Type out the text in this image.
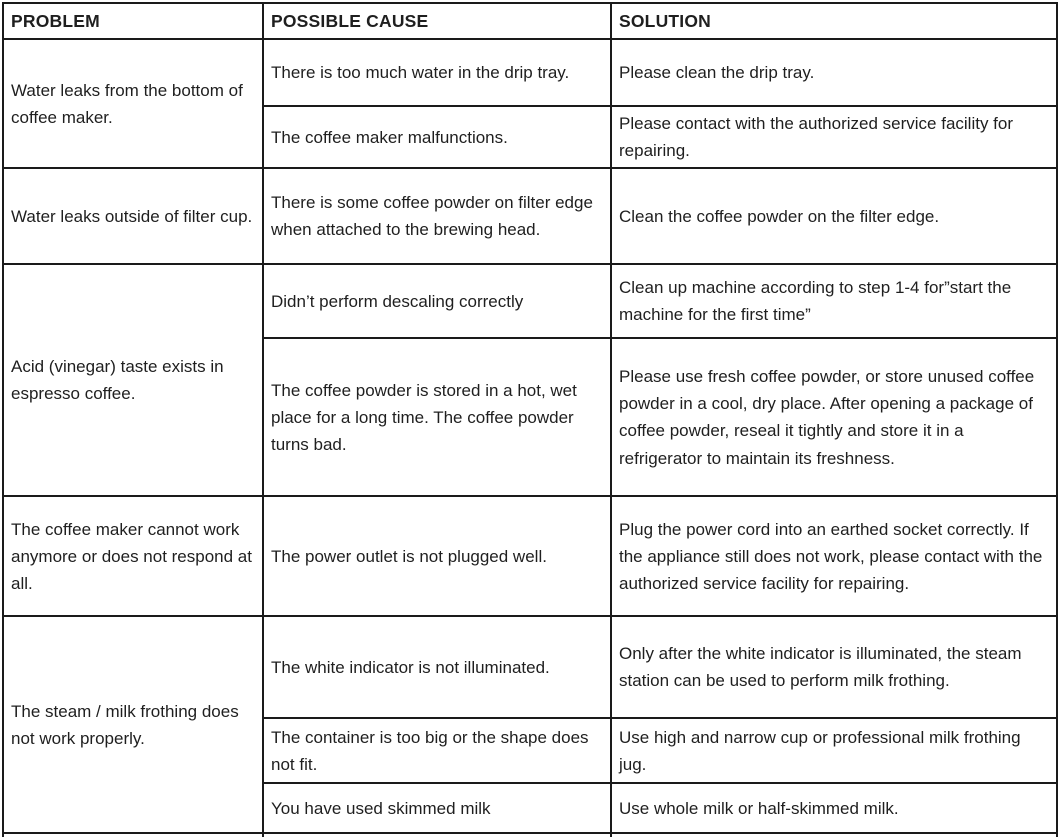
PROBLEM	POSSIBLE CAUSE	SOLUTION
Water leaks from the bottom of coffee maker.	There is too much water in the drip tray.	Please clean the drip tray.
	The coffee maker malfunctions.	Please contact with the authorized service facility for repairing.
Water leaks outside of filter cup.	There is some coffee powder on filter edge when attached to the brewing head.	Clean the coffee powder on the filter edge.
Acid (vinegar) taste exists in espresso coffee.	Didn’t perform descaling correctly	Clean up machine according to step 1-4 for”start the machine for the first time”
	The coffee powder is stored in a hot, wet place for a long time. The coffee powder turns bad.	Please use fresh coffee powder, or store unused coffee powder in a cool, dry place. After opening a package of coffee powder, reseal it tightly and store it in a refrigerator to maintain its freshness.
The coffee maker cannot work anymore or does not respond at all.	The power outlet is not plugged well.	Plug the power cord into an earthed socket correctly. If the appliance still does not work, please contact with the authorized service facility for repairing.
The steam / milk frothing does not work properly.	The white indicator is not illuminated.	Only after the white indicator is illuminated, the steam station can be used to perform milk frothing.
	The container is too big or the shape does not fit.	Use high and narrow cup or professional milk frothing jug.
	You have used skimmed milk	Use whole milk or half-skimmed milk.
